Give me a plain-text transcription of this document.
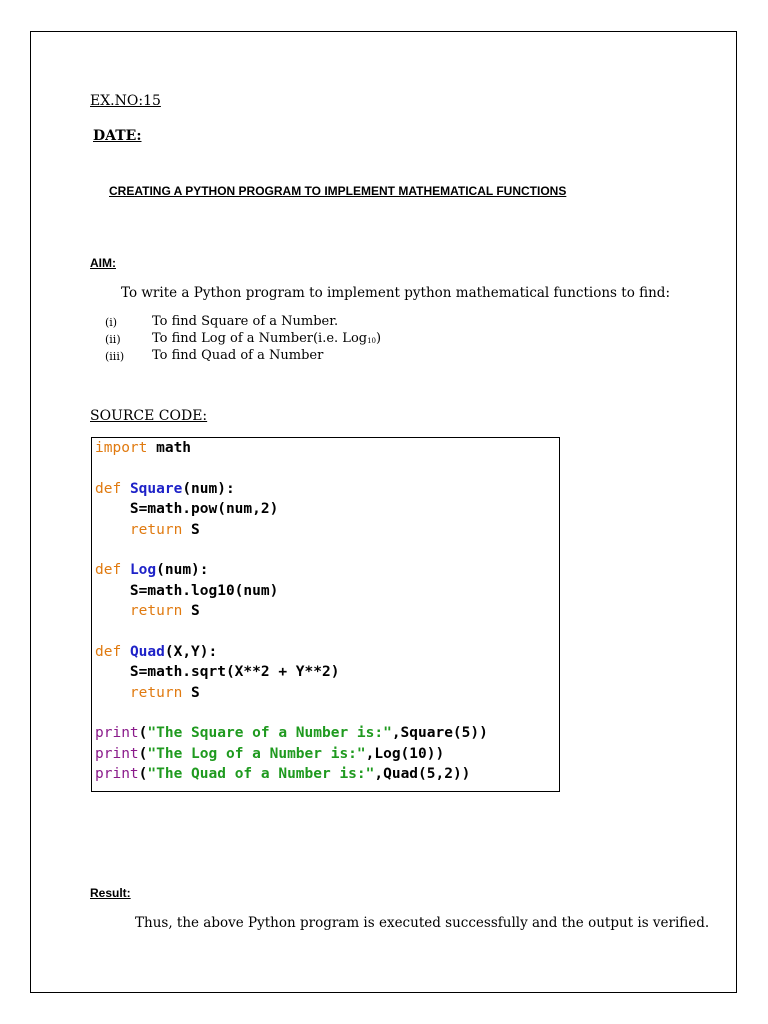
EX.NO:15
DATE:
CREATING A PYTHON PROGRAM TO IMPLEMENT MATHEMATICAL FUNCTIONS
AIM:
To write a Python program to implement python mathematical functions to find:
(i)	To find Square of a Number.
(ii) To find Log of a Number(i.e. Log10)
(iii) To find Quad of a Number
SOURCE CODE:
import math
def Square(num):
S=math.pow(num,2)
return S
def Log(num):
S=math.log10(num)
return S
def Quad(X,Y):
S=math.sqrt(X**2 + Y**2)
return S
print("The Square of a Number is:",Square(5))
print("The Log of a Number is:",Log(10))
print("The Quad of a Number is:",Quad(5,2))
Result:
Thus, the above Python program is executed successfully and the output is verified.
